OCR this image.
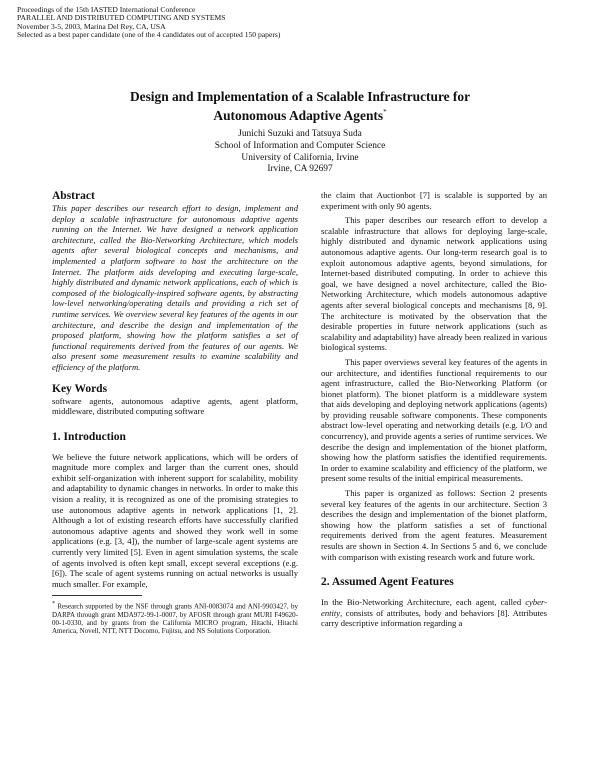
Proceedings of the 15th IASTED International Conference
PARALLEL AND DISTRIBUTED COMPUTING AND SYSTEMS
November 3-5, 2003, Marina Del Rey, CA, USA
Selected as a best paper candidate (one of the 4 candidates out of accepted 150 papers)
Design and Implementation of a Scalable Infrastructure for
Autonomous Adaptive Agents*
Junichi Suzuki and Tatsuya Suda
School of Information and Computer Science
University of California, Irvine
Irvine, CA 92697
Abstract

This paper describes our research effort to design, implement and deploy a scalable infrastructure for autonomous adaptive agents running on the Internet. We have designed a network application architecture, called the Bio-Networking Architecture, which models agents after several biological concepts and mechanisms, and implemented a platform software to host the architecture on the Internet. The platform aids developing and executing large-scale, highly distributed and dynamic network applications, each of which is composed of the biologically-inspired software agents, by abstracting low-level networking/operating details and providing a rich set of runtime services. We overview several key features of the agents in our architecture, and describe the design and implementation of the proposed platform, showing how the platform satisfies a set of functional requirements derived from the features of our agents. We also present some measurement results to examine scalability and efficiency of the platform.

Key Words

software agents, autonomous adaptive agents, agent platform, middleware, distributed computing software

1. Introduction

We believe the future network applications, which will be orders of magnitude more complex and larger than the current ones, should exhibit self-organization with inherent support for scalability, mobility and adaptability to dynamic changes in networks. In order to make this vision a reality, it is recognized as one of the promising strategies to use autonomous adaptive agents in network applications [1, 2]. Although a lot of existing research efforts have successfully clarified autonomous adaptive agents and showed they work well in some applications (e.g. [3, 4]), the number of large-scale agent systems are currently very limited [5]. Even in agent simulation systems, the scale of agents involved is often kept small, except several exceptions (e.g. [6]). The scale of agent systems running on actual networks is usually much smaller. For example,

* Research supported by the NSF through grants ANI-0083074 and ANI-9903427, by DARPA through grant MDA972-99-1-0007, by AFOSR through grant MURI F49620-00-1-0330, and by grants from the California MICRO program, Hitachi, Hitachi America, Novell, NTT, NTT Docomo, Fujitsu, and NS Solutions Corporation.

the claim that Auctionbot [7] is scalable is supported by an experiment with only 90 agents.

This paper describes our research effort to develop a scalable infrastructure that allows for deploying large-scale, highly distributed and dynamic network applications using autonomous adaptive agents. Our long-term research goal is to exploit autonomous adaptive agents, beyond simulations, for Internet-based distributed computing. In order to achieve this goal, we have designed a novel architecture, called the Bio-Networking Architecture, which models autonomous adaptive agents after several biological concepts and mechanisms [8, 9]. The architecture is motivated by the observation that the desirable properties in future network applications (such as scalability and adaptability) have already been realized in various biological systems.

This paper overviews several key features of the agents in our architecture, and identifies functional requirements to our agent infrastructure, called the Bio-Networking Platform (or bionet platform). The bionet platform is a middleware system that aids developing and deploying network applications (agents) by providing reusable software components. These components abstract low-level operating and networking details (e.g. I/O and concurrency), and provide agents a series of runtime services. We describe the design and implementation of the bionet platform, showing how the platform satisfies the identified requirements. In order to examine scalability and efficiency of the platform, we present some results of the initial empirical measurements.

This paper is organized as follows: Section 2 presents several key features of the agents in our architecture. Section 3 describes the design and implementation of the bionet platform, showing how the platform satisfies a set of functional requirements derived from the agent features. Measurement results are shown in Section 4. In Sections 5 and 6, we conclude with comparison with existing research work and future work.

2. Assumed Agent Features

In the Bio-Networking Architecture, each agent, called cyber-entity, consists of attributes, body and behaviors [8]. Attributes carry descriptive information regarding a
